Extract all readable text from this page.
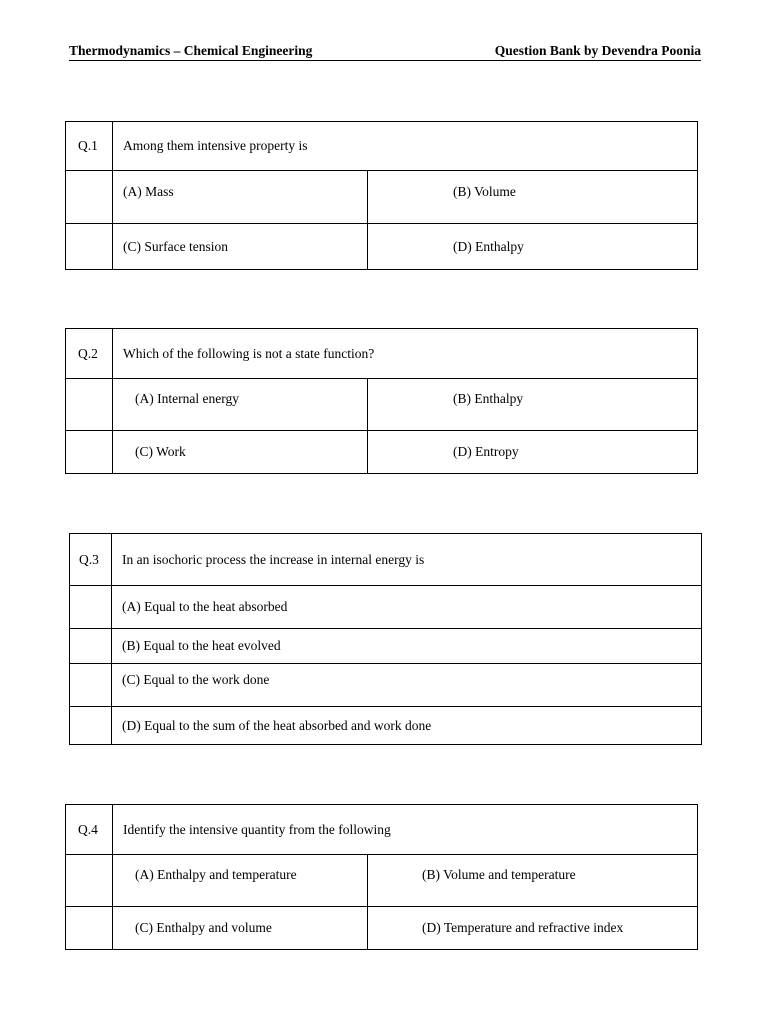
Thermodynamics – Chemical Engineering	Question Bank by Devendra Poonia
Q.1	Among them intensive property is	
	(A) Mass	(B) Volume
	(C) Surface tension	(D) Enthalpy
Q.2	Which of the following is not a state function?	
	(A) Internal energy	(B) Enthalpy
	(C) Work	(D) Entropy
Q.3	In an isochoric process the increase in internal energy is
	(A) Equal to the heat absorbed
	(B) Equal to the heat evolved
	(C) Equal to the work done
	(D) Equal to the sum of the heat absorbed and work done
Q.4	Identify the intensive quantity from the following	
	(A) Enthalpy and temperature	(B) Volume and temperature
	(C) Enthalpy and volume	(D) Temperature and refractive index
